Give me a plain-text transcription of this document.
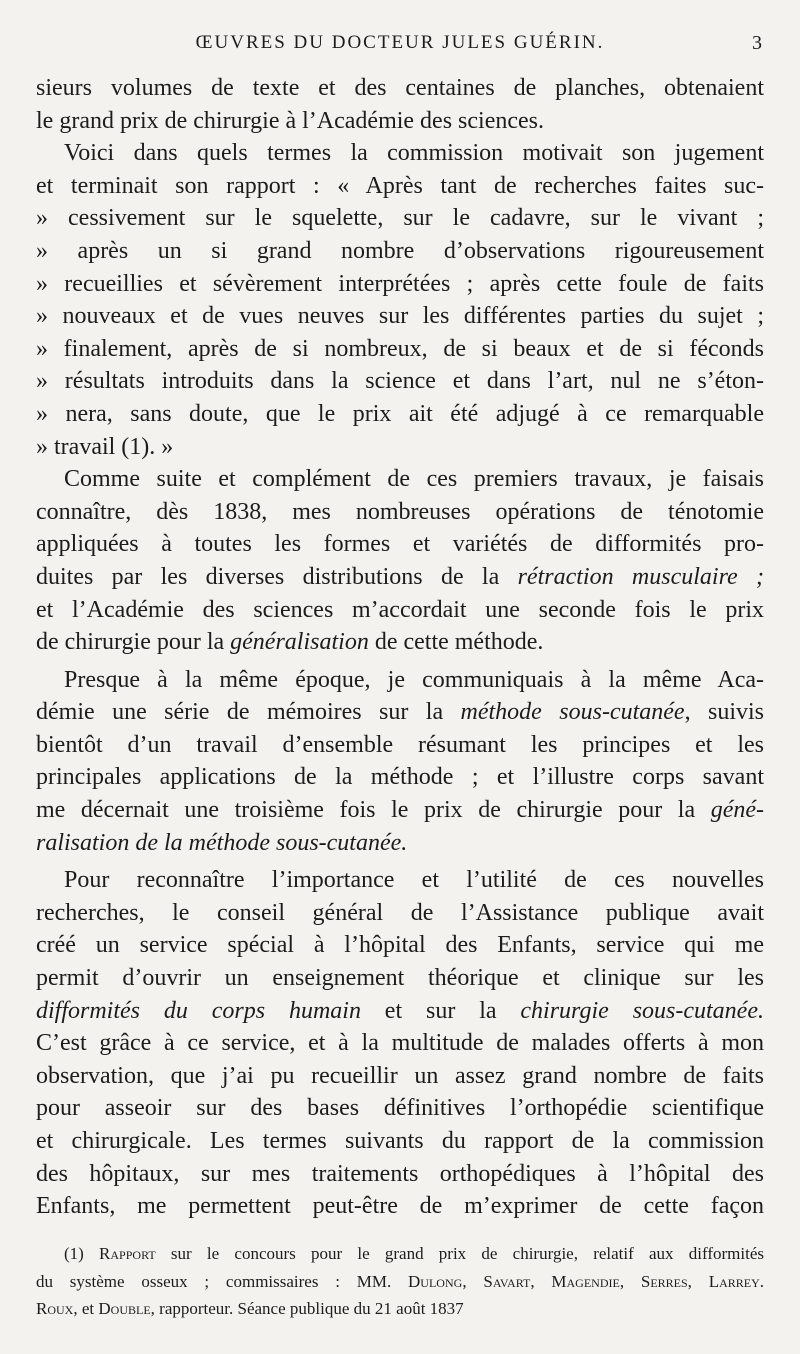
ŒUVRES DU DOCTEUR JULES GUÉRIN.	3
sieurs volumes de texte et des centaines de planches, obtenaient
le grand prix de chirurgie à l’Académie des sciences.
Voici dans quels termes la commission motivait son jugement
et terminait son rapport : « Après tant de recherches faites suc-
» cessivement sur le squelette, sur le cadavre, sur le vivant ;
» après un si grand nombre d’observations rigoureusement
» recueillies et sévèrement interprétées ; après cette foule de faits
» nouveaux et de vues neuves sur les différentes parties du sujet ;
» finalement, après de si nombreux, de si beaux et de si féconds
» résultats introduits dans la science et dans l’art, nul ne s’éton-
» nera, sans doute, que le prix ait été adjugé à ce remarquable
» travail (1). »
Comme suite et complément de ces premiers travaux, je faisais
connaître, dès 1838, mes nombreuses opérations de ténotomie
appliquées à toutes les formes et variétés de difformités pro-
duites par les diverses distributions de la rétraction musculaire ;
et l’Académie des sciences m’accordait une seconde fois le prix
de chirurgie pour la généralisation de cette méthode.
Presque à la même époque, je communiquais à la même Aca-
démie une série de mémoires sur la méthode sous-cutanée, suivis
bientôt d’un travail d’ensemble résumant les principes et les
principales applications de la méthode ; et l’illustre corps savant
me décernait une troisième fois le prix de chirurgie pour la géné-
ralisation de la méthode sous-cutanée.
Pour reconnaître l’importance et l’utilité de ces nouvelles
recherches, le conseil général de l’Assistance publique avait
créé un service spécial à l’hôpital des Enfants, service qui me
permit d’ouvrir un enseignement théorique et clinique sur les
difformités du corps humain et sur la chirurgie sous-cutanée.
C’est grâce à ce service, et à la multitude de malades offerts à mon
observation, que j’ai pu recueillir un assez grand nombre de faits
pour asseoir sur des bases définitives l’orthopédie scientifique
et chirurgicale. Les termes suivants du rapport de la commission
des hôpitaux, sur mes traitements orthopédiques à l’hôpital des
Enfants, me permettent peut-être de m’exprimer de cette façon
(1) Rapport sur le concours pour le grand prix de chirurgie, relatif aux difformités
du système osseux ; commissaires : MM. Dulong, Savart, Magendie, Serres, Larrey.
Roux, et Double, rapporteur. Séance publique du 21 août 1837
